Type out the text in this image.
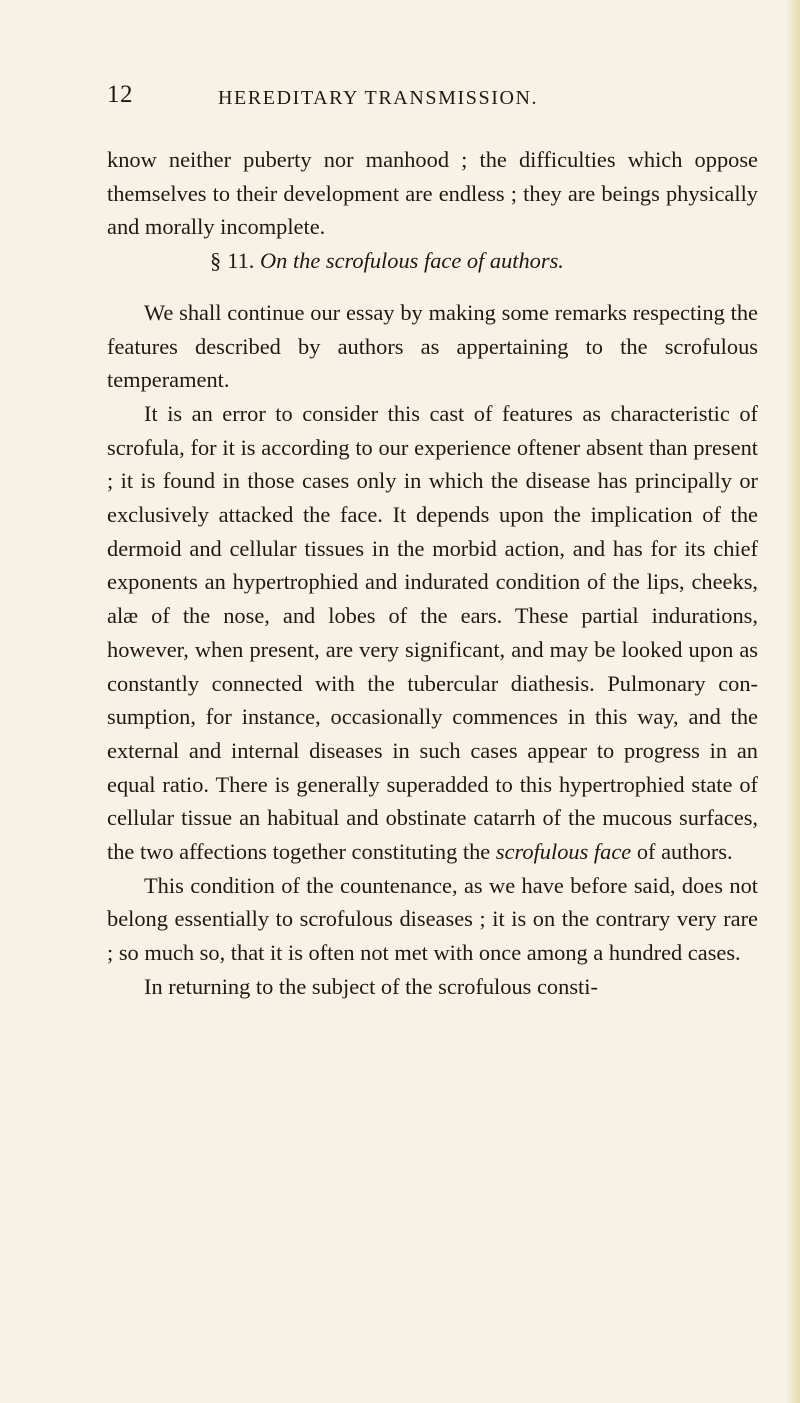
12	HEREDITARY TRANSMISSION.

know neither puberty nor manhood ; the difficulties which oppose themselves to their development are endless ; they are beings physically and morally incomplete.

§ 11. On the scrofulous face of authors.

We shall continue our essay by making some remarks respecting the features described by authors as appertaining to the scrofulous temperament.

It is an error to consider this cast of features as characteristic of scrofula, for it is according to our experience oftener absent than present ; it is found in those cases only in which the disease has principally or exclusively attacked the face. It depends upon the implication of the dermoid and cellular tissues in the morbid action, and has for its chief exponents an hypertrophied and indurated condition of the lips, cheeks, alæ of the nose, and lobes of the ears. These partial indurations, however, when present, are very significant, and may be looked upon as constantly connected with the tubercular diathesis. Pulmonary consumption, for instance, occasionally commences in this way, and the external and internal diseases in such cases appear to progress in an equal ratio. There is generally superadded to this hypertrophied state of cellular tissue an habitual and obstinate catarrh of the mucous surfaces, the two affections together constituting the scrofulous face of authors.

This condition of the countenance, as we have before said, does not belong essentially to scrofulous diseases ; it is on the contrary very rare ; so much so, that it is often not met with once among a hundred cases.

In returning to the subject of the scrofulous consti-
